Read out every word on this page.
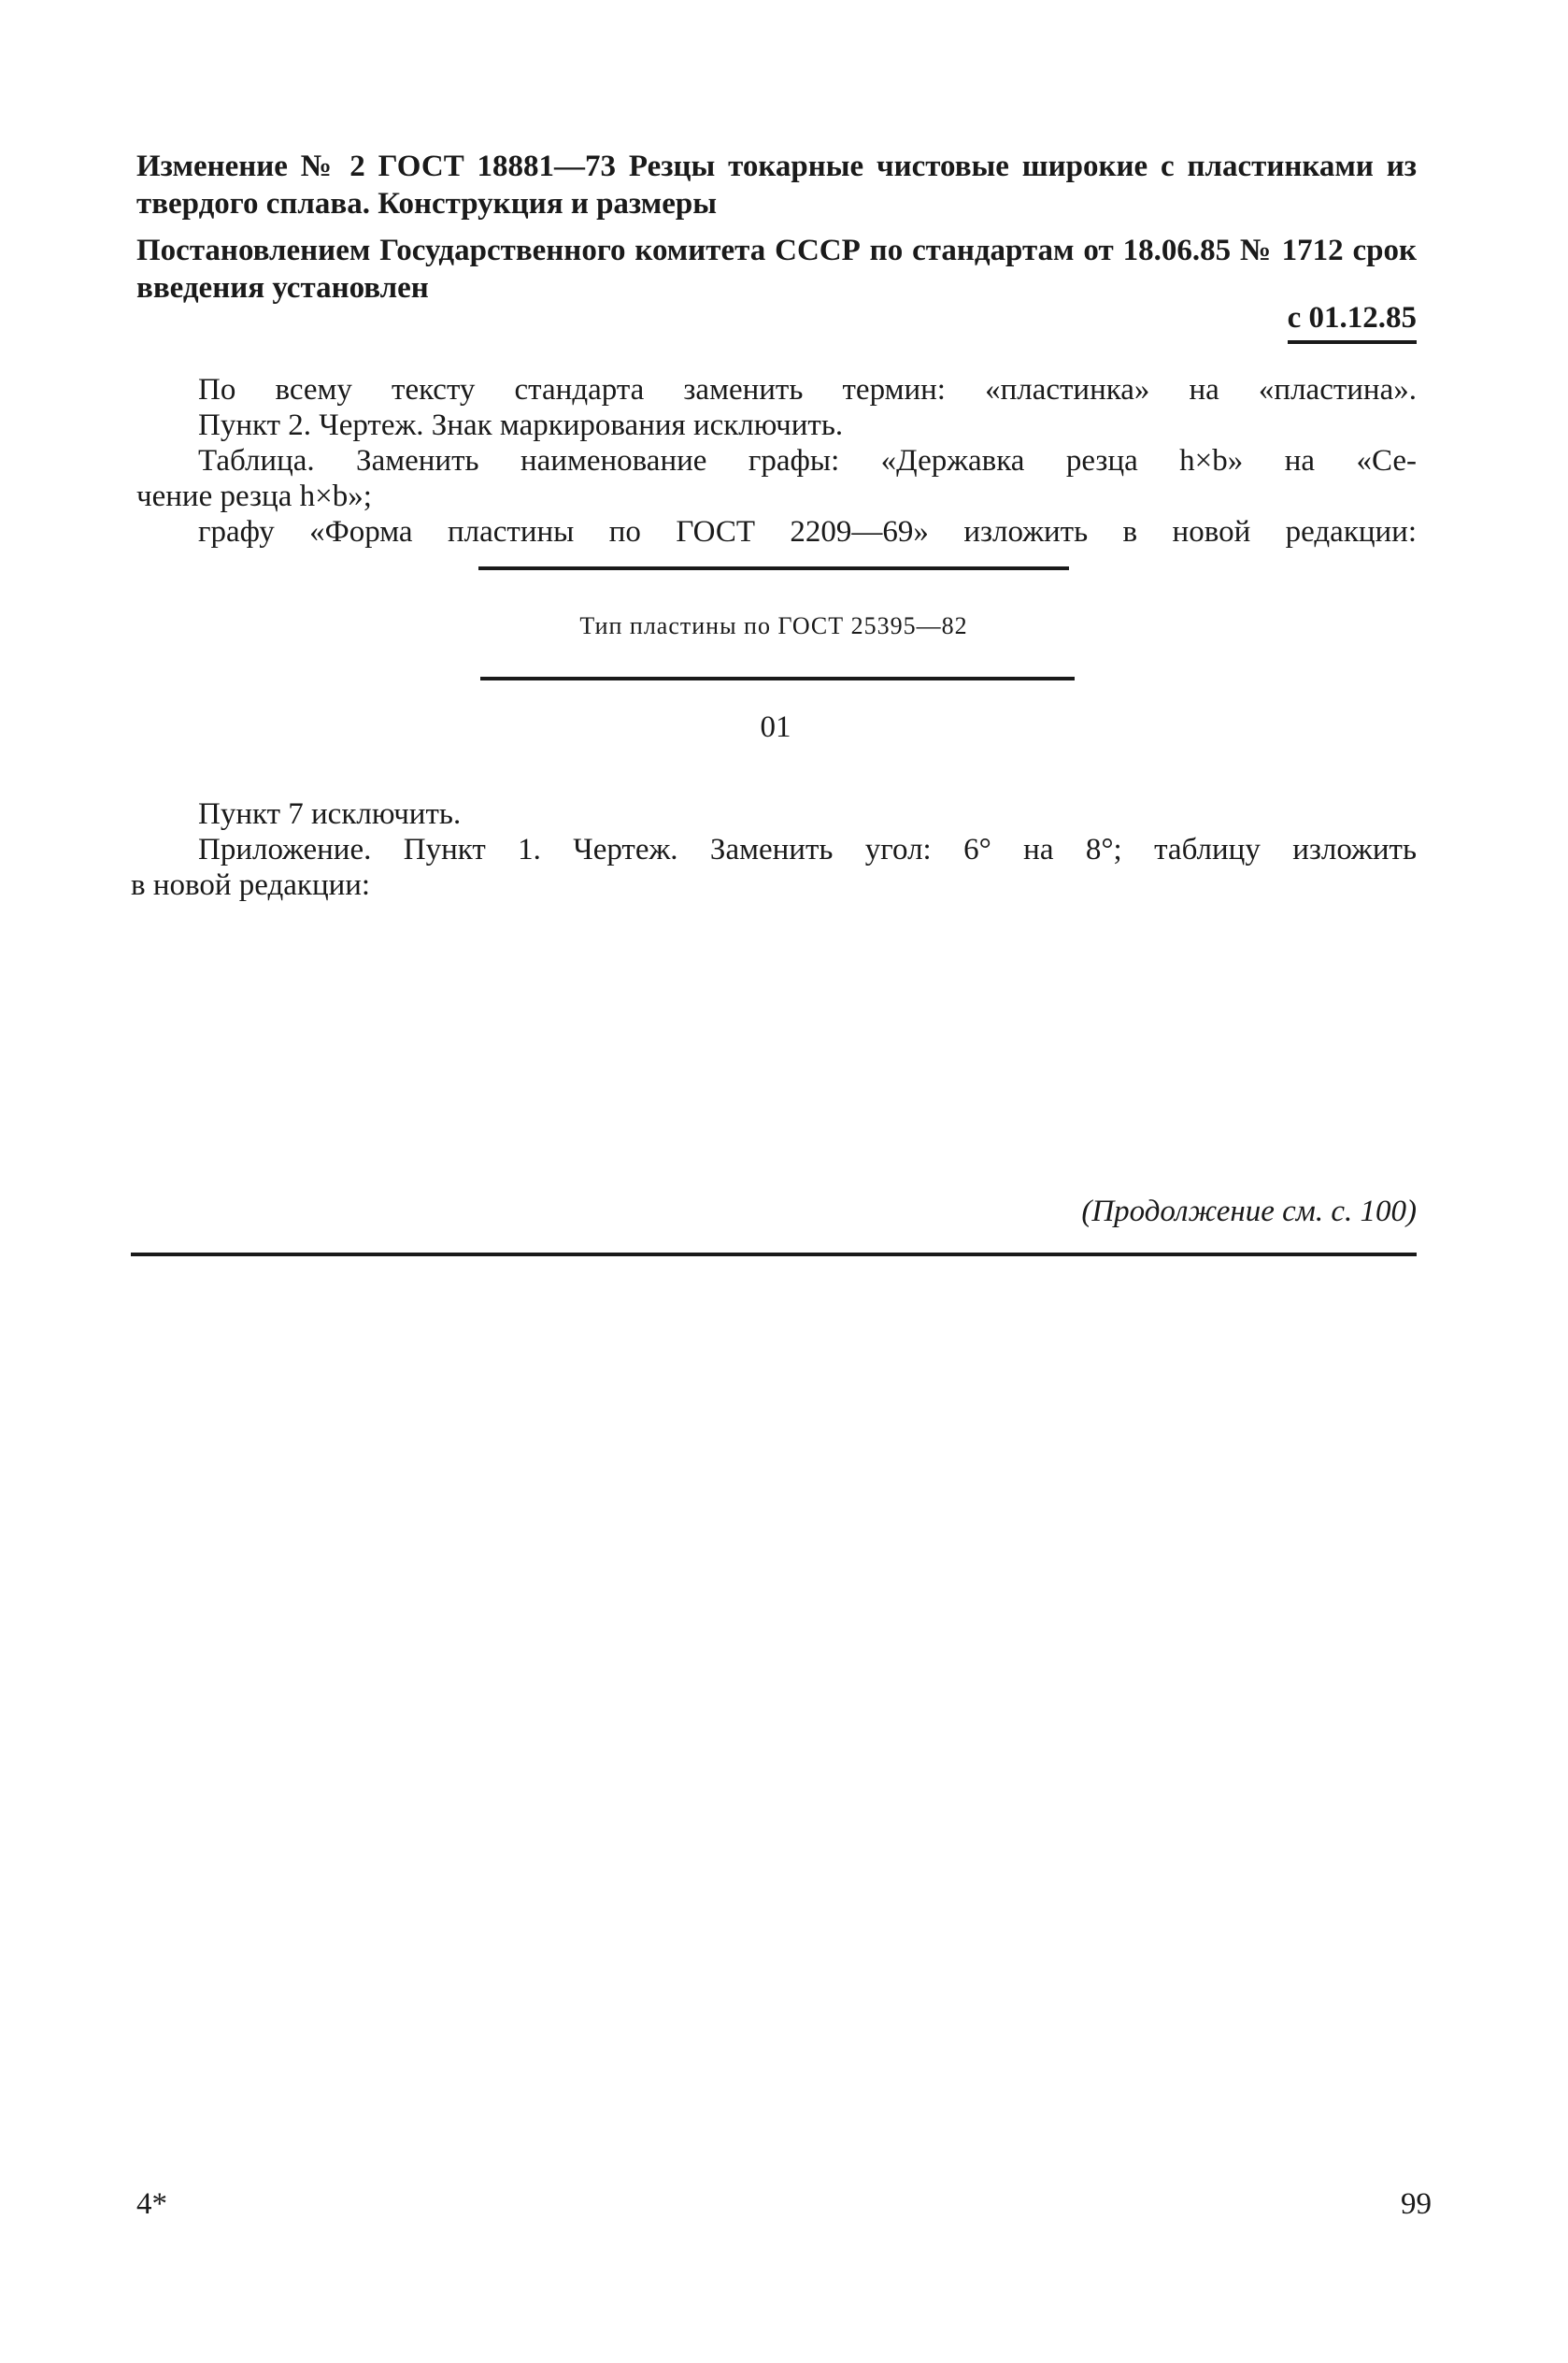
Изменение № 2 ГОСТ 18881—73 Резцы токарные чистовые широкие с пластинками из твердого сплава. Конструкция и размеры

Постановлением Государственного комитета СССР по стандартам от 18.06.85 № 1712 срок введения установлен

с 01.12.85

По всему тексту стандарта заменить термин: «пластинка» на «пластина».

Пункт 2. Чертеж. Знак маркирования исключить.

Таблица. Заменить наименование графы: «Державка резца h×b» на «Се-

чение резца h×b»;

графу «Форма пластины по ГОСТ 2209—69» изложить в новой редакции:

Тип пластины по ГОСТ 25395—82

01

Пункт 7 исключить.

Приложение. Пункт 1. Чертеж. Заменить угол: 6° на 8°; таблицу изложить

в новой редакции:

(Продолжение см. с. 100)

4*	99
